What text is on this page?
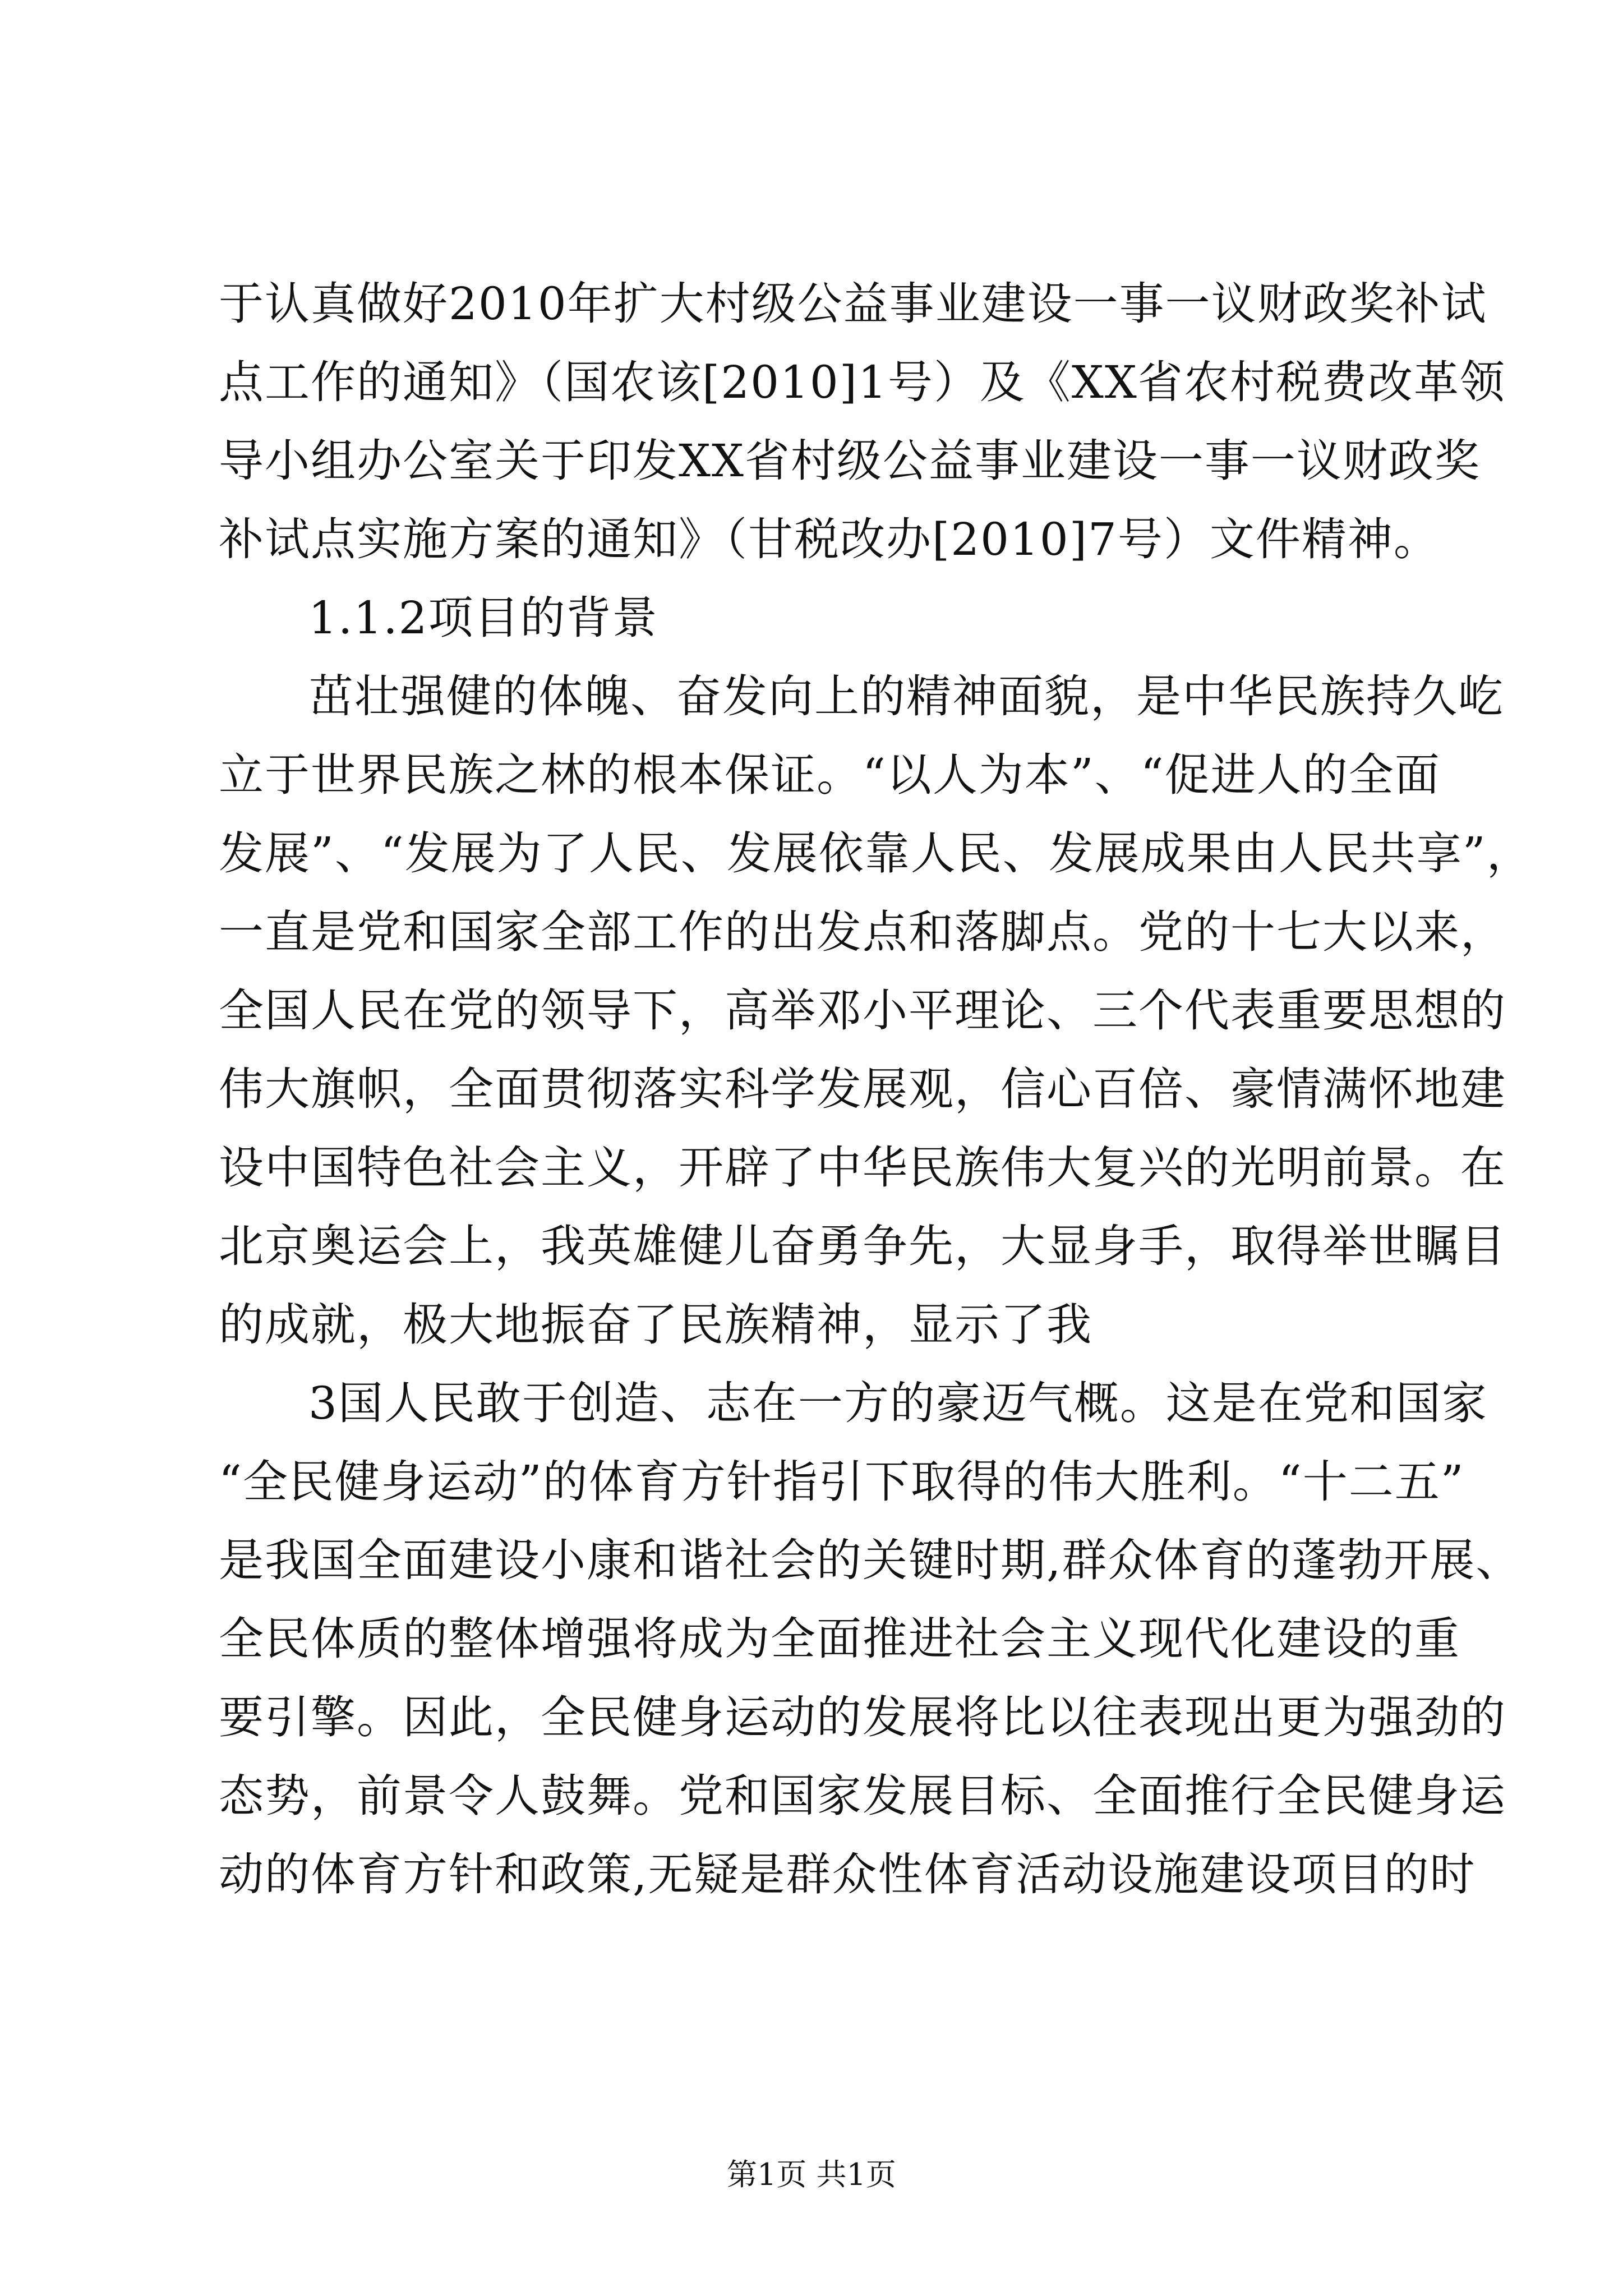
于认真做好2010年扩大村级公益事业建设一事一议财政奖补试
点工作的通知》（国农该[2010]1号）及《XX省农村税费改革领
导小组办公室关于印发XX省村级公益事业建设一事一议财政奖
补试点实施方案的通知》（甘税改办[2010]7号）文件精神。
1.1.2项目的背景
茁壮强健的体魄、奋发向上的精神面貌，是中华民族持久屹
立于世界民族之林的根本保证。“以人为本”、“促进人的全面
发展”、“发展为了人民、发展依靠人民、发展成果由人民共享”，
一直是党和国家全部工作的出发点和落脚点。党的十七大以来，
全国人民在党的领导下，高举邓小平理论、三个代表重要思想的
伟大旗帜，全面贯彻落实科学发展观，信心百倍、豪情满怀地建
设中国特色社会主义，开辟了中华民族伟大复兴的光明前景。在
北京奥运会上，我英雄健儿奋勇争先，大显身手，取得举世瞩目
的成就，极大地振奋了民族精神，显示了我
3国人民敢于创造、志在一方的豪迈气概。这是在党和国家
“全民健身运动”的体育方针指引下取得的伟大胜利。“十二五”
是我国全面建设小康和谐社会的关键时期,群众体育的蓬勃开展、
全民体质的整体增强将成为全面推进社会主义现代化建设的重
要引擎。因此，全民健身运动的发展将比以往表现出更为强劲的
态势，前景令人鼓舞。党和国家发展目标、全面推行全民健身运
动的体育方针和政策,无疑是群众性体育活动设施建设项目的时
第1页 共1页
